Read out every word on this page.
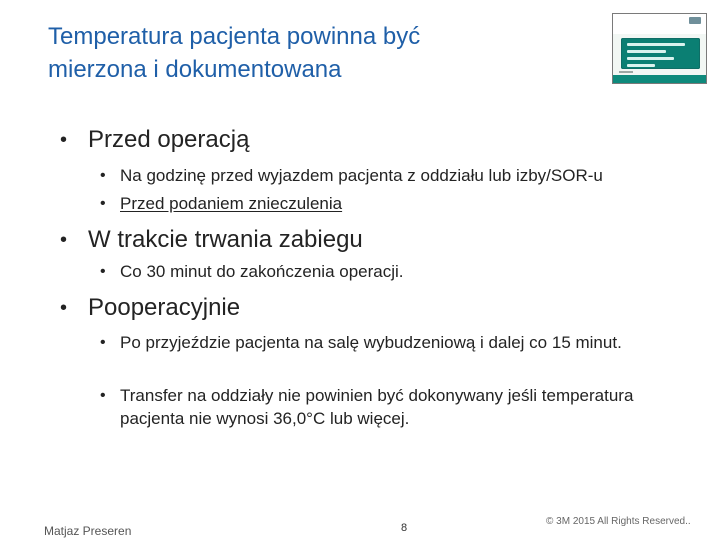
Temperatura pacjenta powinna być
mierzona i dokumentowana
• Przed operacją
• Na godzinę przed wyjazdem pacjenta z oddziału lub izby/SOR-u
• Przed podaniem znieczulenia
• W trakcie trwania zabiegu
• Co 30 minut do zakończenia operacji.
• Pooperacyjnie
• Po przyjeździe pacjenta na salę wybudzeniową i dalej co 15 minut.
• Transfer na oddziały nie powinien być dokonywany jeśli temperatura pacjenta nie wynosi 36,0°C lub więcej.
Matjaz Preseren	8
© 3M 2015 All Rights Reserved..
